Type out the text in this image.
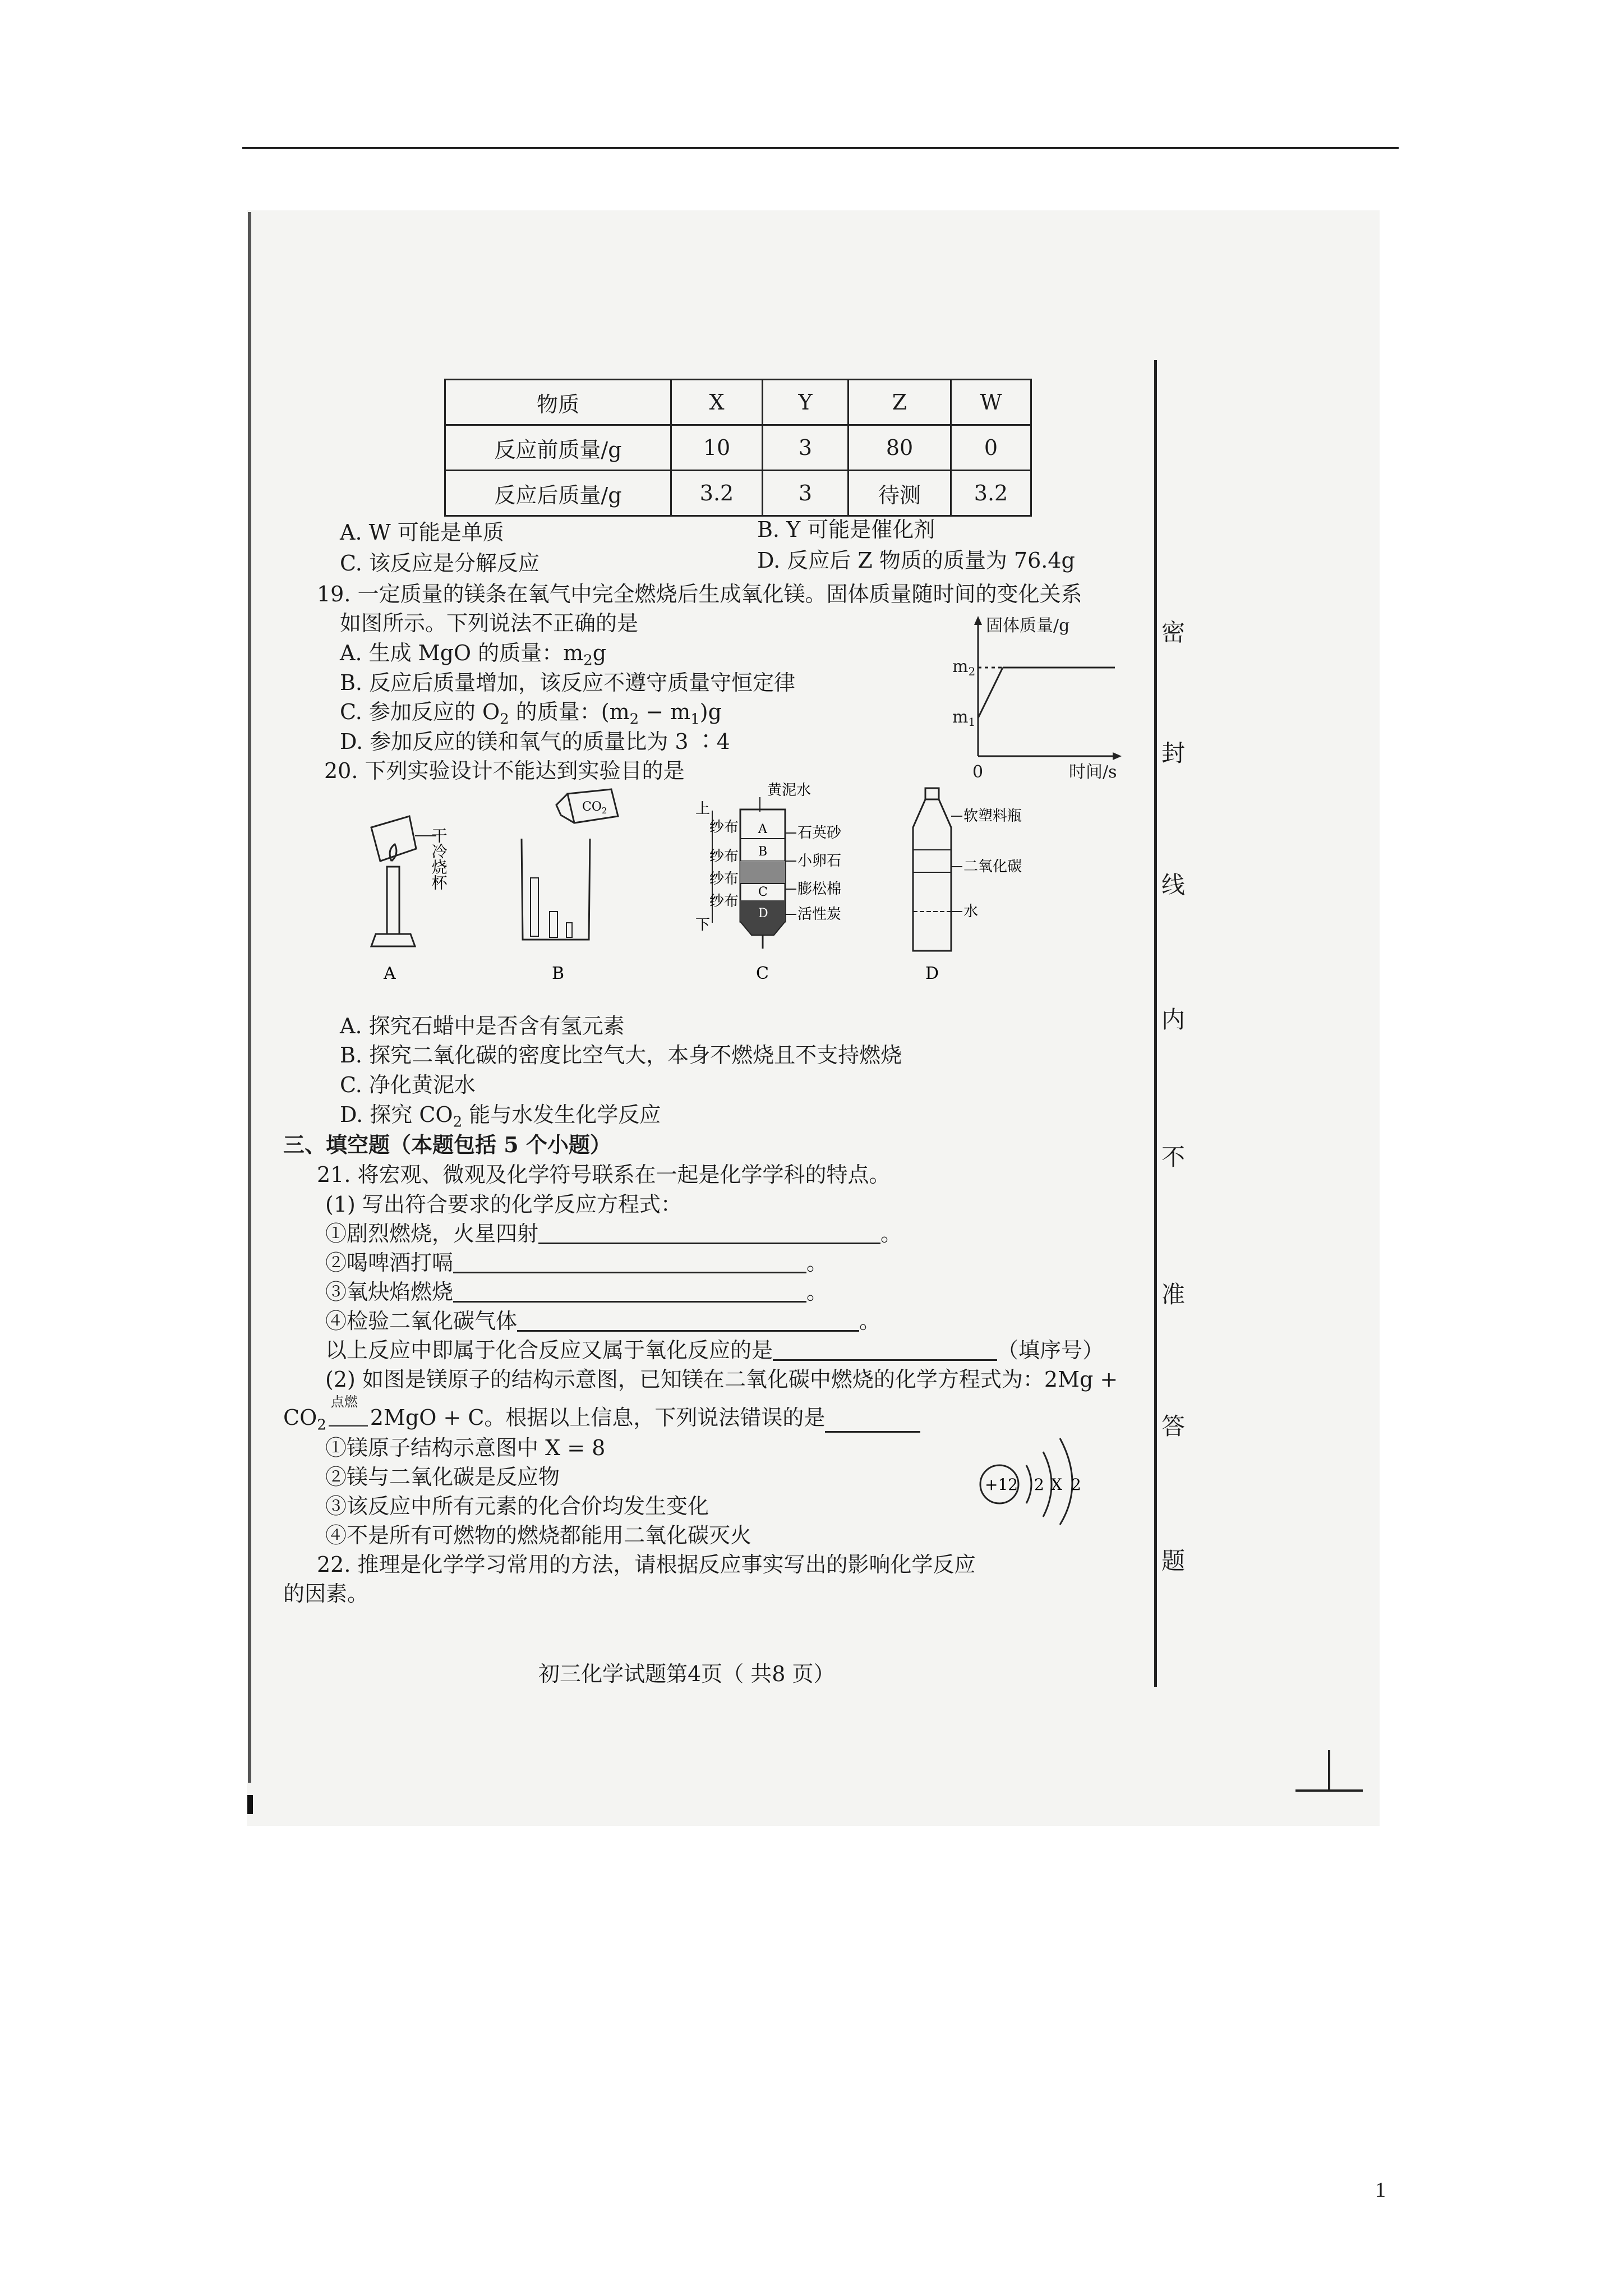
密
封
线
内
不
准
答
题
物质	X	Y	Z	W
反应前质量/g	10	3	80	0
反应后质量/g	3.2	3	待测	3.2
A. W 可能是单质	B. Y 可能是催化剂
C. 该反应是分解反应	D. 反应后 Z 物质的质量为 76.4g
19. 一定质量的镁条在氧气中完全燃烧后生成氧化镁。固体质量随时间的变化关系
如图所示。下列说法不正确的是
A. 生成 MgO 的质量：$m_2g$
B. 反应后质量增加，该反应不遵守质量守恒定律
C. 参加反应的 $O_2$ 的质量：$(m_2 - m_1)g$
D. 参加反应的镁和氧气的质量比为 3 ∶4
固体质量/g
$m_2$
$m_1$
0	时间/s
20. 下列实验设计不能达到实验目的是
干冷烧杯
A
$CO_2$
B
黄泥水
A
B
C
D
上
下
纱布
纱布
纱布
纱布
石英砂
小卵石
膨松棉
活性炭
C
软塑料瓶
二氧化碳
水
D
A. 探究石蜡中是否含有氢元素
B. 探究二氧化碳的密度比空气大，本身不燃烧且不支持燃烧
C. 净化黄泥水
D. 探究 $CO_2$ 能与水发生化学反应
三、填空题（本题包括 5 个小题）
21. 将宏观、微观及化学符号联系在一起是化学学科的特点。
(1) 写出符合要求的化学反应方程式：
①剧烈燃烧，火星四射	。
②喝啤酒打嗝	。
③氧炔焰燃烧	。
④检验二氧化碳气体	。
以上反应中即属于化合反应又属于氧化反应的是	（填序号）
(2) 如图是镁原子的结构示意图，已知镁在二氧化碳中燃烧的化学方程式为：2Mg +
$CO_2$
点燃
2MgO + C。根据以上信息，下列说法错误的是
①镁原子结构示意图中 X = 8
②镁与二氧化碳是反应物
③该反应中所有元素的化合价均发生变化
④不是所有可燃物的燃烧都能用二氧化碳灭火
+12 2 X 2
22. 推理是化学学习常用的方法，请根据反应事实写出的影响化学反应
的因素。
初三化学试题第4页（ 共8 页）
1
